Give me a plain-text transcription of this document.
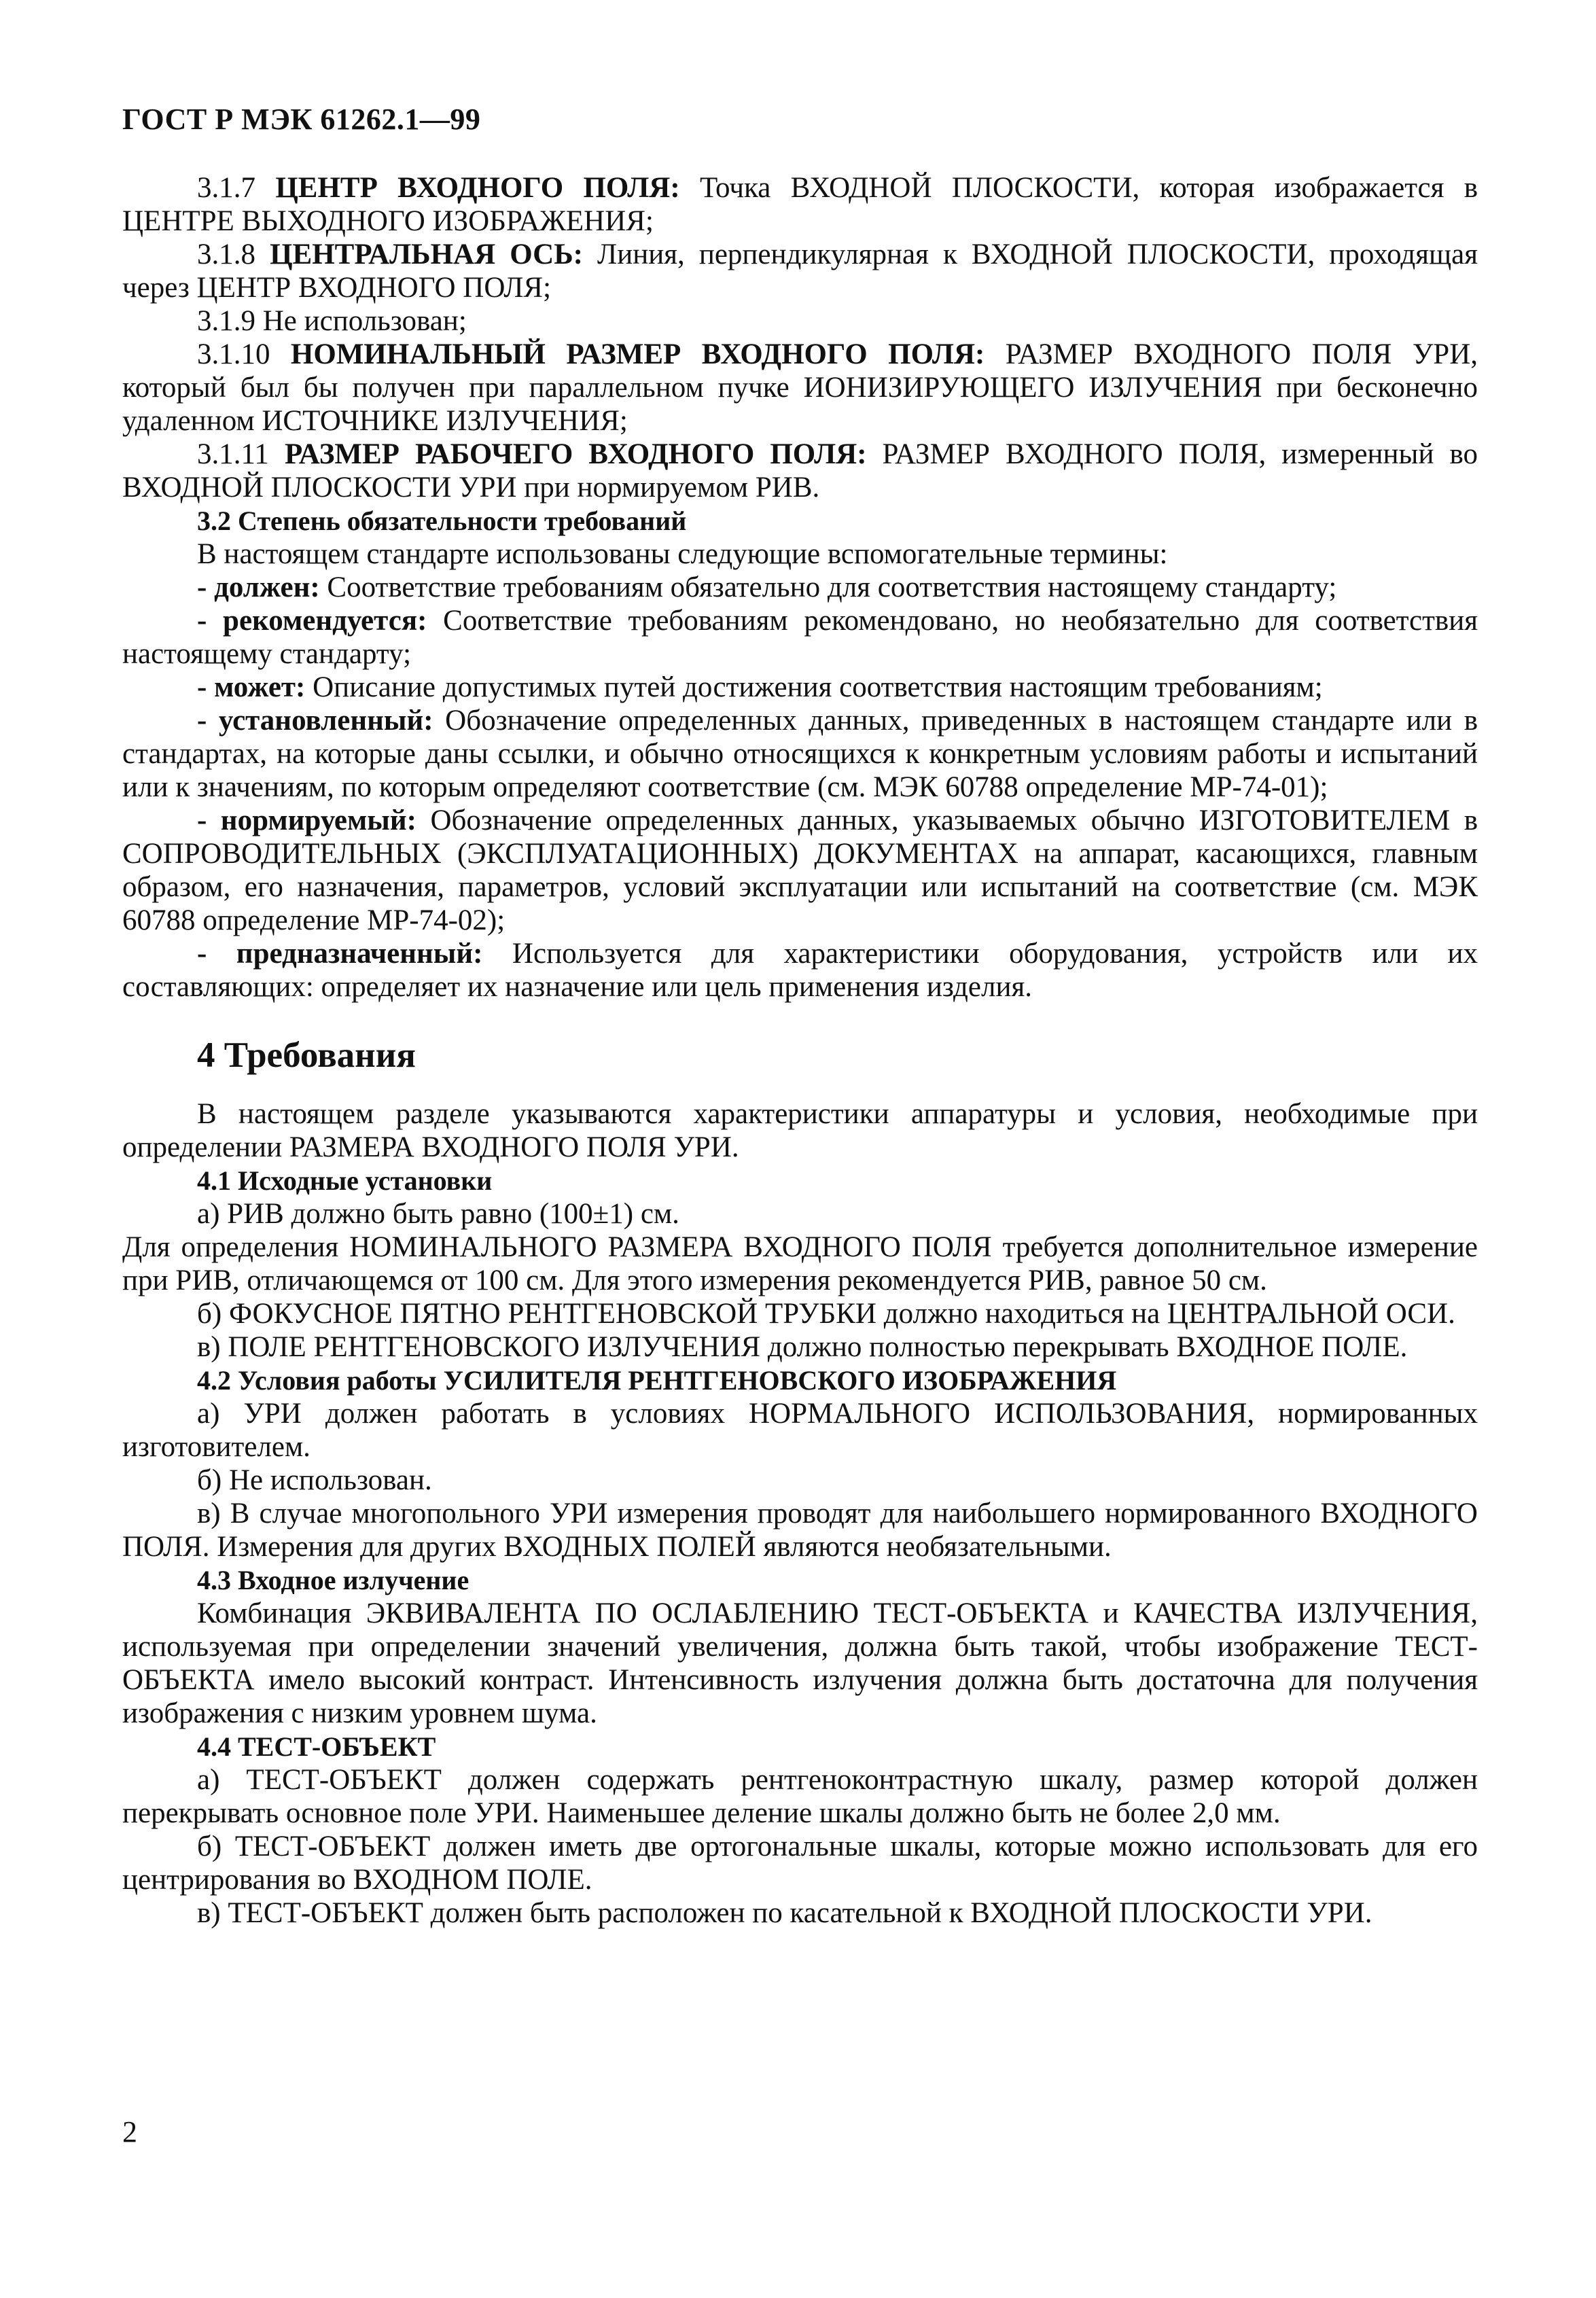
ГОСТ Р МЭК 61262.1—99

3.1.7 ЦЕНТР ВХОДНОГО ПОЛЯ: Точка ВХОДНОЙ ПЛОСКОСТИ, которая изображается в ЦЕНТРЕ ВЫХОДНОГО ИЗОБРАЖЕНИЯ;

3.1.8 ЦЕНТРАЛЬНАЯ ОСЬ: Линия, перпендикулярная к ВХОДНОЙ ПЛОСКОСТИ, проходящая через ЦЕНТР ВХОДНОГО ПОЛЯ;

3.1.9 Не использован;

3.1.10 НОМИНАЛЬНЫЙ РАЗМЕР ВХОДНОГО ПОЛЯ: РАЗМЕР ВХОДНОГО ПОЛЯ УРИ, который был бы получен при параллельном пучке ИОНИЗИРУЮЩЕГО ИЗЛУЧЕНИЯ при бесконечно удаленном ИСТОЧНИКЕ ИЗЛУЧЕНИЯ;

3.1.11 РАЗМЕР РАБОЧЕГО ВХОДНОГО ПОЛЯ: РАЗМЕР ВХОДНОГО ПОЛЯ, измеренный во ВХОДНОЙ ПЛОСКОСТИ УРИ при нормируемом РИВ.

3.2 Степень обязательности требований

В настоящем стандарте использованы следующие вспомогательные термины:

- должен: Соответствие требованиям обязательно для соответствия настоящему стандарту;

- рекомендуется: Соответствие требованиям рекомендовано, но необязательно для соответствия настоящему стандарту;

- может: Описание допустимых путей достижения соответствия настоящим требованиям;

- установленный: Обозначение определенных данных, приведенных в настоящем стандарте или в стандартах, на которые даны ссылки, и обычно относящихся к конкретным условиям работы и испытаний или к значениям, по которым определяют соответствие (см. МЭК 60788 определение МР-74-01);

- нормируемый: Обозначение определенных данных, указываемых обычно ИЗГОТОВИТЕЛЕМ в СОПРОВОДИТЕЛЬНЫХ (ЭКСПЛУАТАЦИОННЫХ) ДОКУМЕНТАХ на аппарат, касающихся, главным образом, его назначения, параметров, условий эксплуатации или испытаний на соответствие (см. МЭК 60788 определение МР-74-02);

- предназначенный: Используется для характеристики оборудования, устройств или их составляющих: определяет их назначение или цель применения изделия.

4 Требования

В настоящем разделе указываются характеристики аппаратуры и условия, необходимые при определении РАЗМЕРА ВХОДНОГО ПОЛЯ УРИ.

4.1 Исходные установки

а) РИВ должно быть равно (100±1) см.

Для определения НОМИНАЛЬНОГО РАЗМЕРА ВХОДНОГО ПОЛЯ требуется дополнительное измерение при РИВ, отличающемся от 100 см. Для этого измерения рекомендуется РИВ, равное 50 см.

б) ФОКУСНОЕ ПЯТНО РЕНТГЕНОВСКОЙ ТРУБКИ должно находиться на ЦЕНТРАЛЬНОЙ ОСИ.

в) ПОЛЕ РЕНТГЕНОВСКОГО ИЗЛУЧЕНИЯ должно полностью перекрывать ВХОДНОЕ ПОЛЕ.

4.2 Условия работы УСИЛИТЕЛЯ РЕНТГЕНОВСКОГО ИЗОБРАЖЕНИЯ

а) УРИ должен работать в условиях НОРМАЛЬНОГО ИСПОЛЬЗОВАНИЯ, нормированных изготовителем.

б) Не использован.

в) В случае многопольного УРИ измерения проводят для наибольшего нормированного ВХОДНОГО ПОЛЯ. Измерения для других ВХОДНЫХ ПОЛЕЙ являются необязательными.

4.3 Входное излучение

Комбинация ЭКВИВАЛЕНТА ПО ОСЛАБЛЕНИЮ ТЕСТ-ОБЪЕКТА и КАЧЕСТВА ИЗЛУЧЕНИЯ, используемая при определении значений увеличения, должна быть такой, чтобы изображение ТЕСТ-ОБЪЕКТА имело высокий контраст. Интенсивность излучения должна быть достаточна для получения изображения с низким уровнем шума.

4.4 ТЕСТ-ОБЪЕКТ

а) ТЕСТ-ОБЪЕКТ должен содержать рентгеноконтрастную шкалу, размер которой должен перекрывать основное поле УРИ. Наименьшее деление шкалы должно быть не более 2,0 мм.

б) ТЕСТ-ОБЪЕКТ должен иметь две ортогональные шкалы, которые можно использовать для его центрирования во ВХОДНОМ ПОЛЕ.

в) ТЕСТ-ОБЪЕКТ должен быть расположен по касательной к ВХОДНОЙ ПЛОСКОСТИ УРИ.

2
